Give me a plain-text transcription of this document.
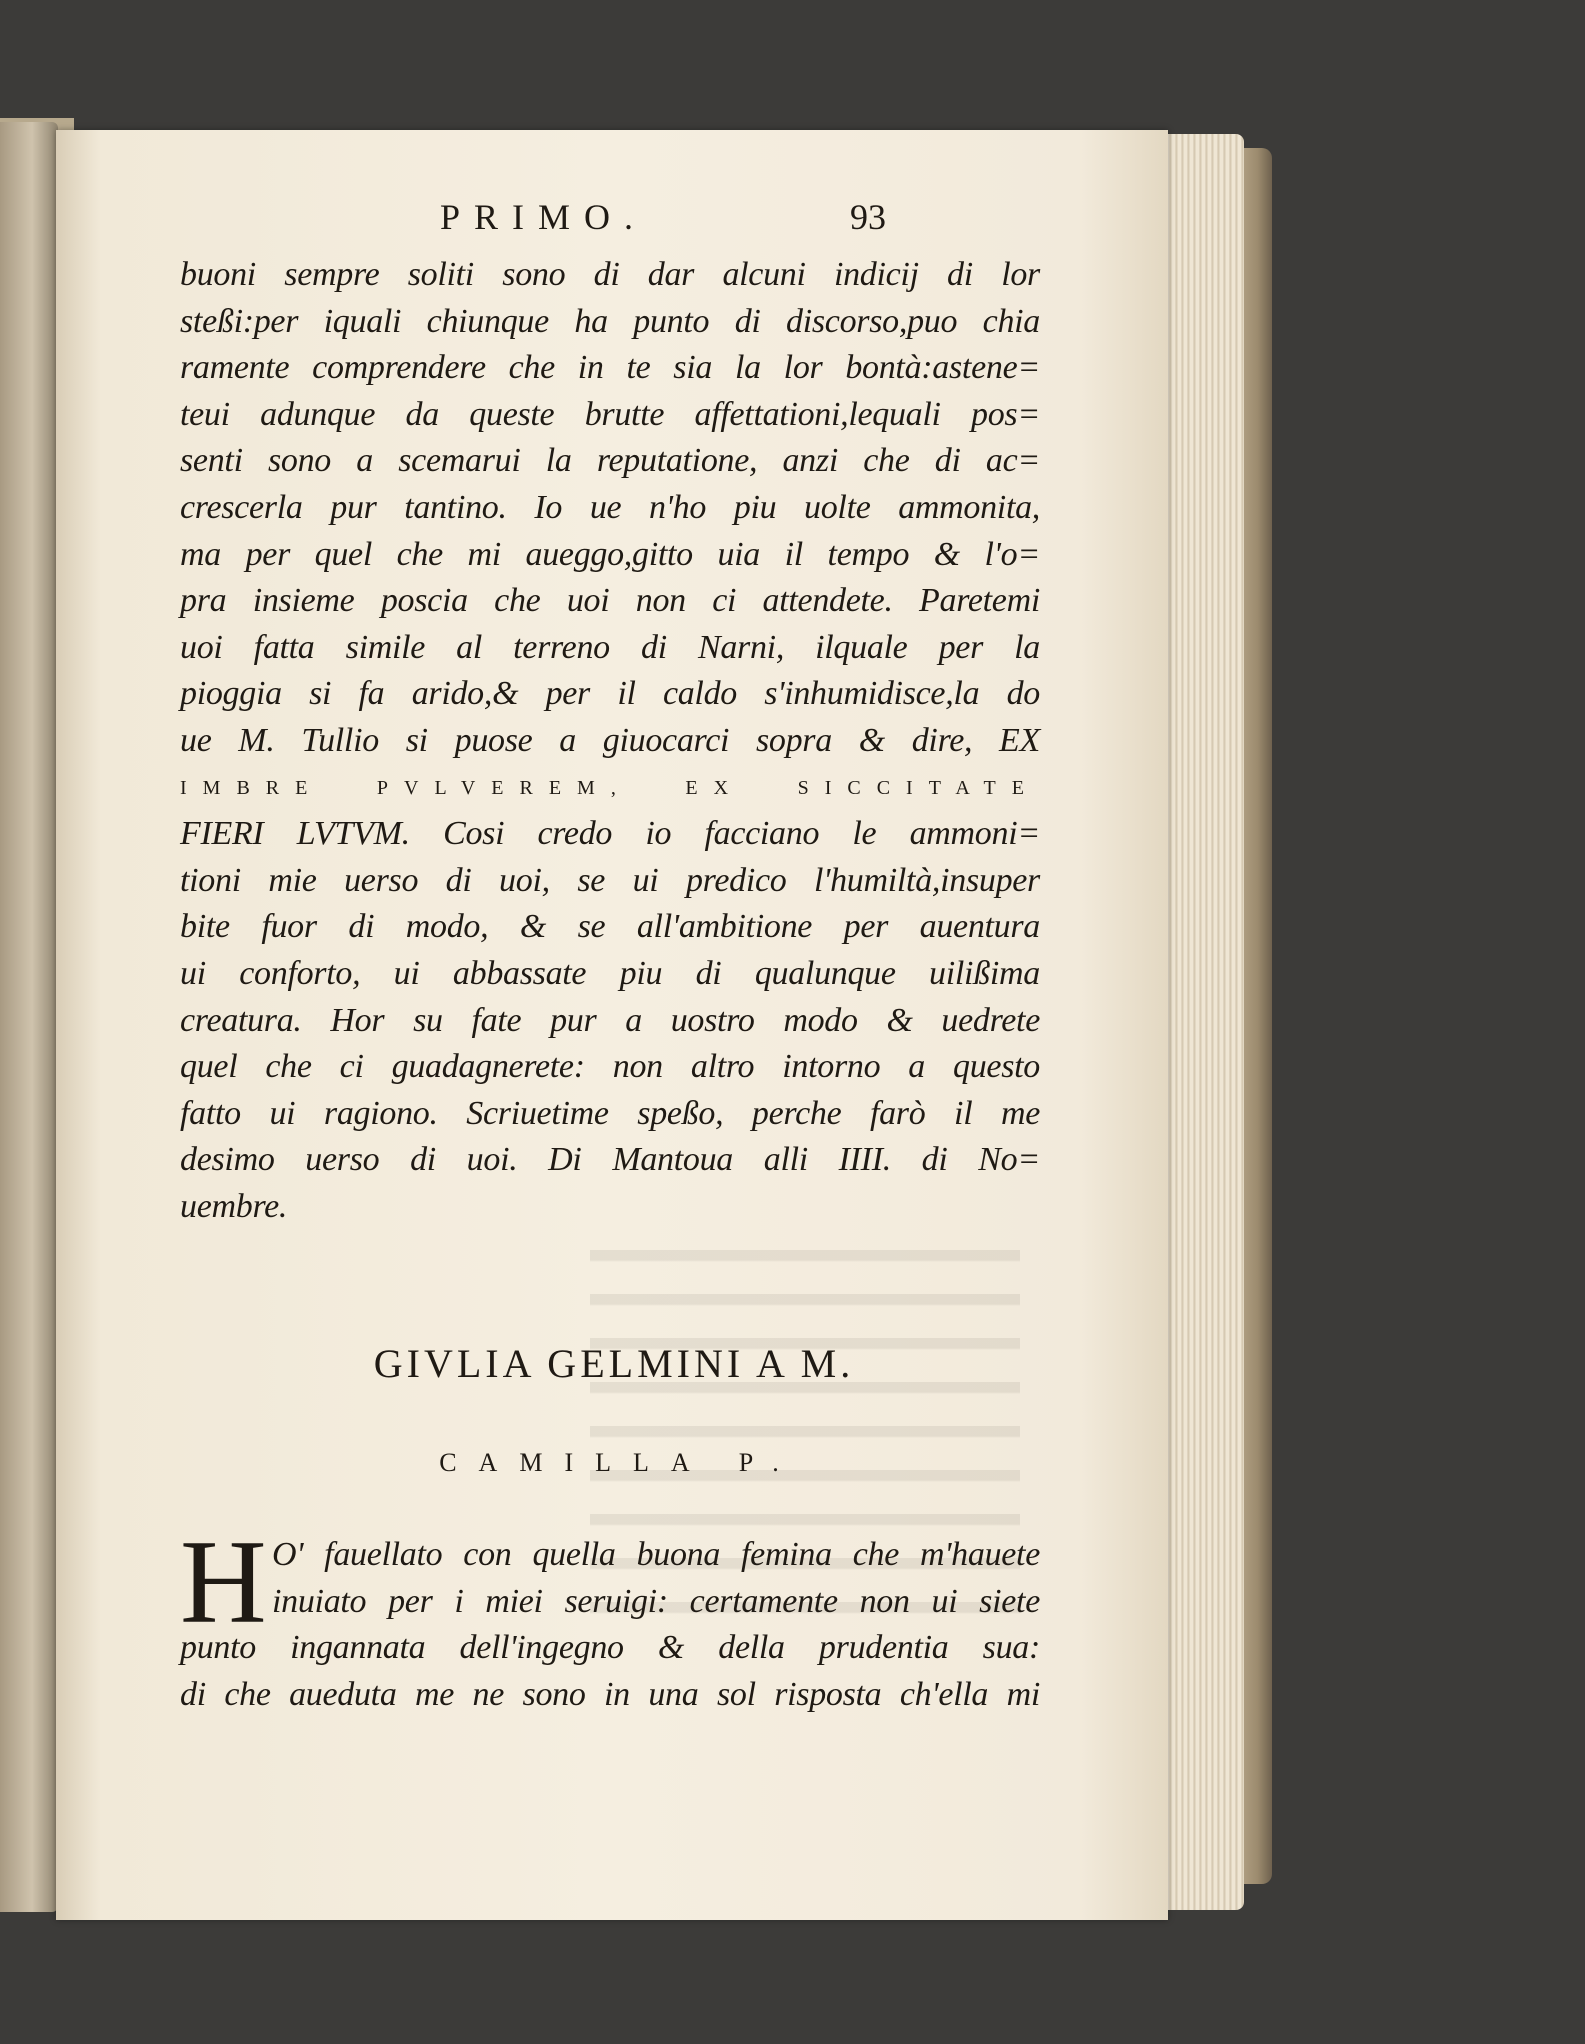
PRIMO.	93
buoni sempre soliti sono di dar alcuni indicij di lor
steßi:per iquali chiunque ha punto di discorso,puo chia
ramente comprendere che in te sia la lor bontà:astene=
teui adunque da queste brutte affettationi,lequali pos=
senti sono a scemarui la reputatione, anzi che di ac=
crescerla pur tantino. Io ue n'ho piu uolte ammonita,
ma per quel che mi aueggo,gitto uia il tempo & l'o=
pra insieme poscia che uoi non ci attendete. Paretemi
uoi fatta simile al terreno di Narni, ilquale per la
pioggia si fa arido,& per il caldo s'inhumidisce,la do
ue M. Tullio si puose a giuocarci sopra & dire, EX
IMBRE PVLVEREM, EX SICCITATE
FIERI LVTVM. Cosi credo io facciano le ammoni=
tioni mie uerso di uoi, se ui predico l'humiltà,insuper
bite fuor di modo, & se all'ambitione per auentura
ui conforto, ui abbassate piu di qualunque uilißima
creatura. Hor su fate pur a uostro modo & uedrete
quel che ci guadagnerete: non altro intorno a questo
fatto ui ragiono. Scriuetime speßo, perche farò il me
desimo uerso di uoi. Di Mantoua alli IIII. di No=
uembre.
GIVLIA GELMINI A M.
CAMILLA P.
H O' fauellato con quella buona femina che m'hauete
inuiato per i miei seruigi: certamente non ui siete
punto ingannata dell'ingegno & della prudentia sua:
di che aueduta me ne sono in una sol risposta ch'ella mi
